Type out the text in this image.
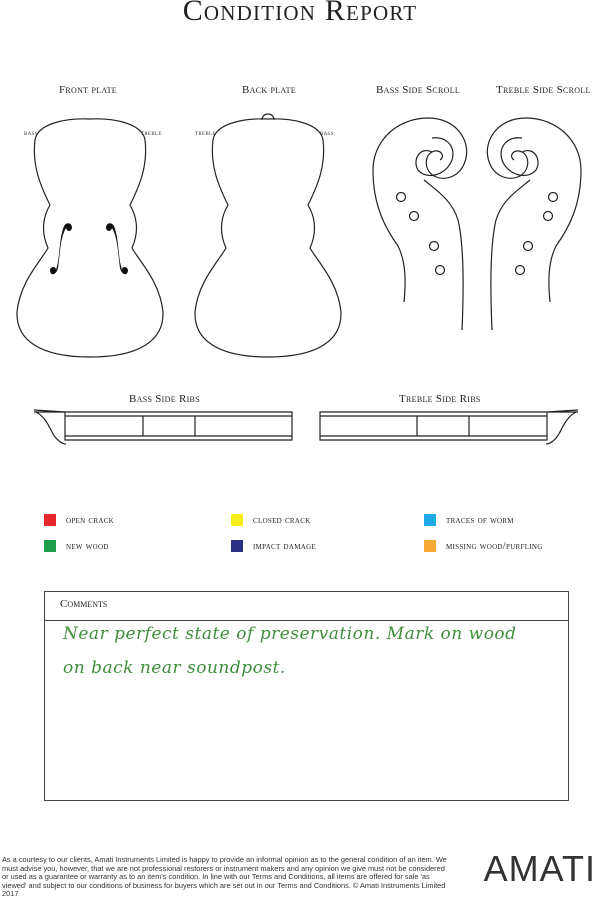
Condition Report
Front plate	Back plate	Bass Side Scroll	Treble Side Scroll
bass	treble	treble	bass
Bass Side Ribs	Treble Side Ribs
open crack	closed crack	traces of worm
new wood	impact damage	missing wood/purfling
Comments
Near perfect state of preservation. Mark on wood
on back near soundpost.
As a courtesy to our clients, Amati Instruments Limited is happy to provide an informal opinion as to the general condition of an item. We must advise you, however, that we are not professional restorers or instrument makers and any opinion we give must not be considered or used as a guarantee or warranty as to an item's condition. In line with our Terms and Conditions, all items are offered for sale 'as viewed' and subject to our conditions of business for buyers which are set out in our Terms and Conditions. © Amati Instruments Limited 2017
AMATI
